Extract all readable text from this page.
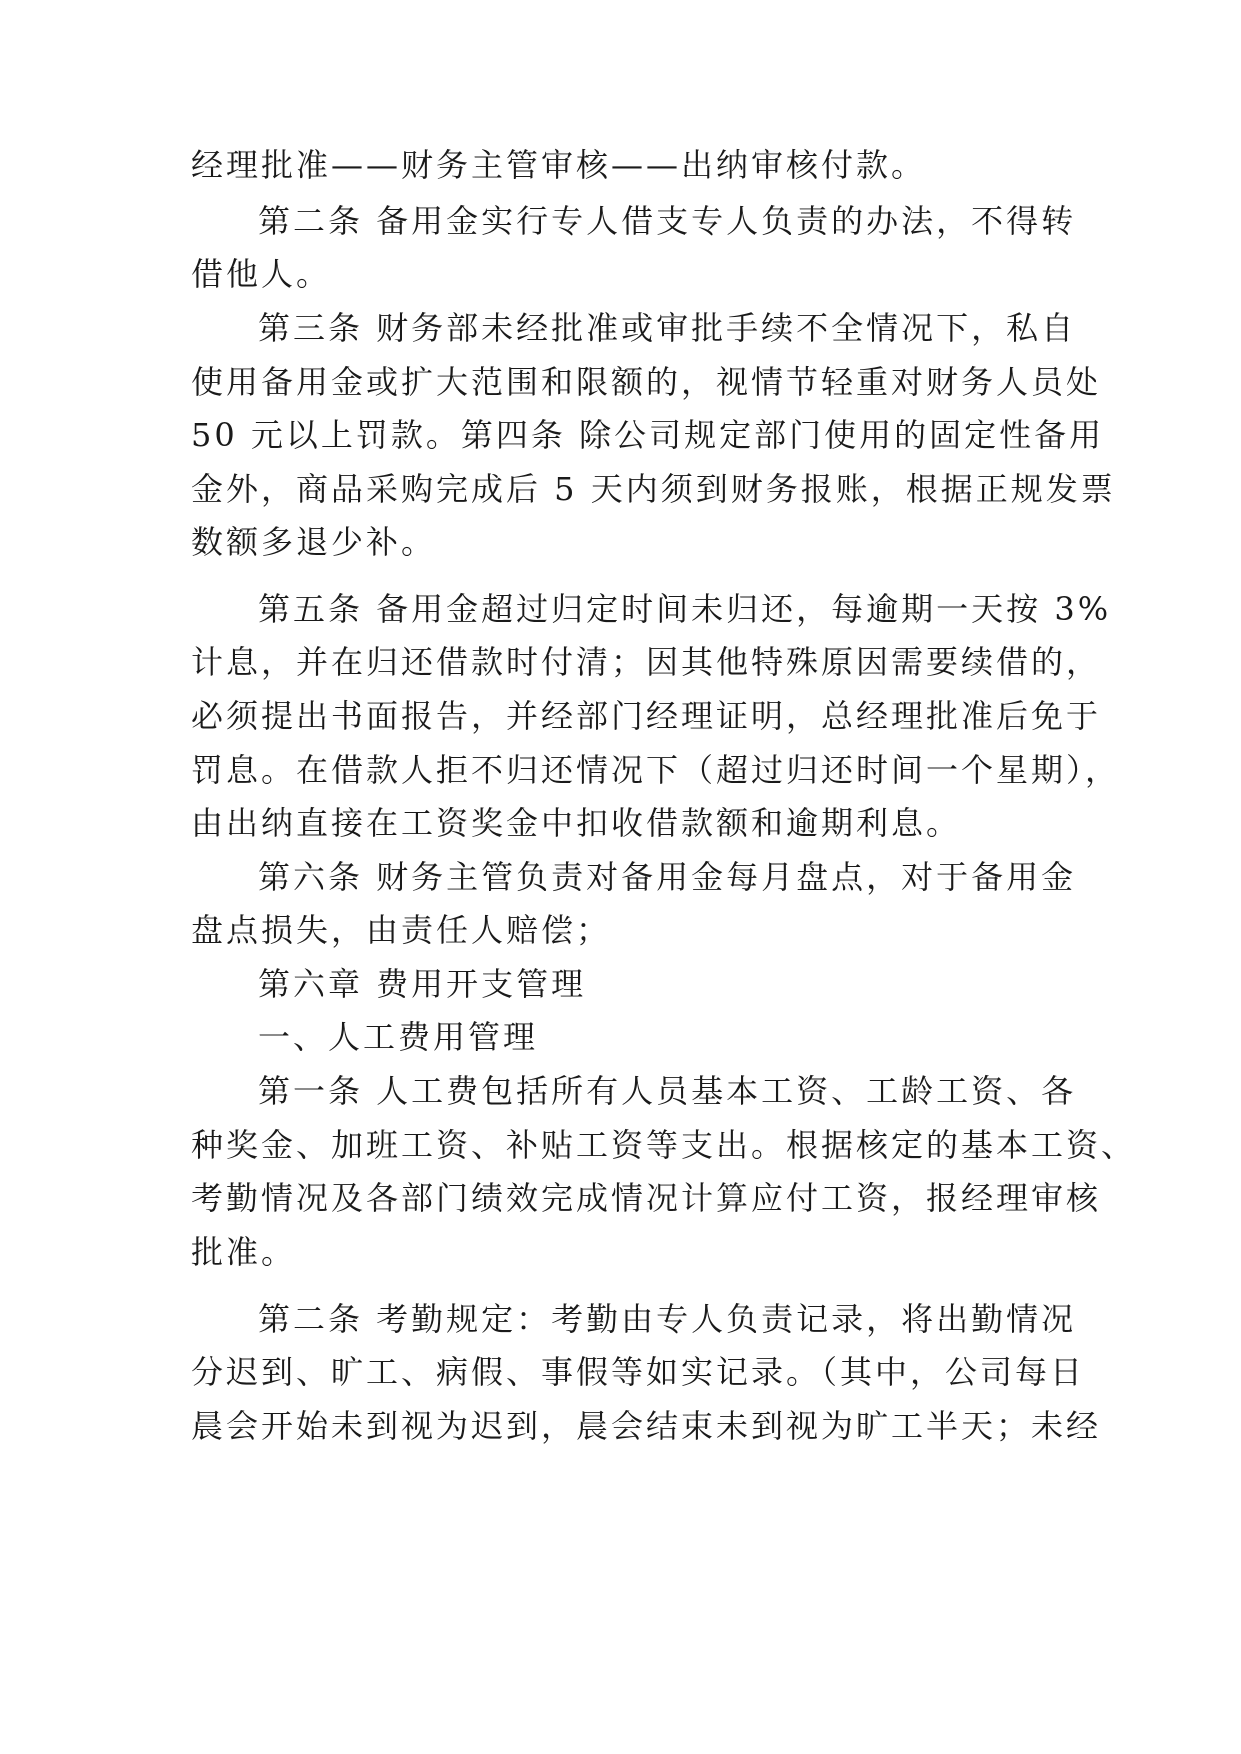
经理批准——财务主管审核——出纳审核付款。

第二条 备用金实行专人借支专人负责的办法，不得转

借他人。

第三条 财务部未经批准或审批手续不全情况下，私自

使用备用金或扩大范围和限额的，视情节轻重对财务人员处

50 元以上罚款。第四条 除公司规定部门使用的固定性备用

金外，商品采购完成后 5 天内须到财务报账，根据正规发票

数额多退少补。

第五条 备用金超过归定时间未归还，每逾期一天按 3%

计息，并在归还借款时付清；因其他特殊原因需要续借的，

必须提出书面报告，并经部门经理证明，总经理批准后免于

罚息。在借款人拒不归还情况下（超过归还时间一个星期），

由出纳直接在工资奖金中扣收借款额和逾期利息。

第六条 财务主管负责对备用金每月盘点，对于备用金

盘点损失，由责任人赔偿；

第六章 费用开支管理

一、人工费用管理

第一条 人工费包括所有人员基本工资、工龄工资、各

种奖金、加班工资、补贴工资等支出。根据核定的基本工资、

考勤情况及各部门绩效完成情况计算应付工资，报经理审核

批准。

第二条 考勤规定：考勤由专人负责记录，将出勤情况

分迟到、旷工、病假、事假等如实记录。（其中，公司每日

晨会开始未到视为迟到，晨会结束未到视为旷工半天；未经
